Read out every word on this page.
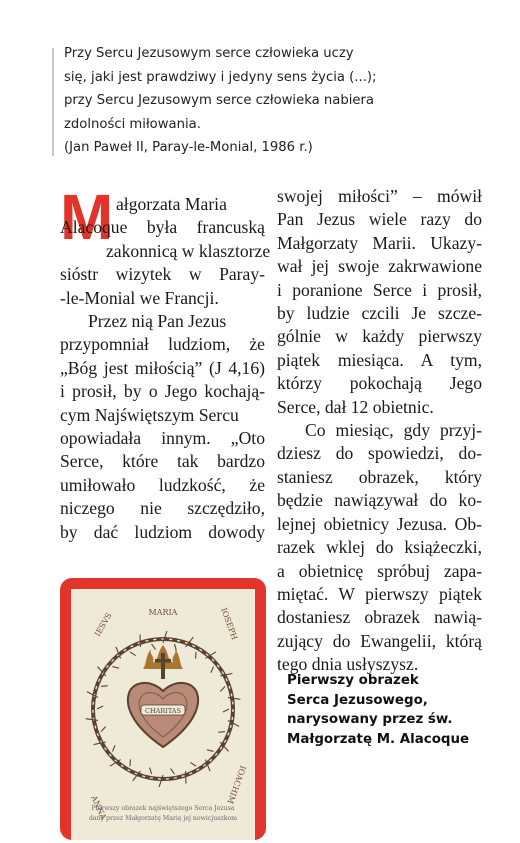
Przy Sercu Jezusowym serce człowieka uczy
się, jaki jest prawdziwy i jedyny sens życia (...);
przy Sercu Jezusowym serce człowieka nabiera
zdolności miłowania.
(Jan Paweł II, Paray-le-Monial, 1986 r.)
M ałgorzata Maria
Alacoque była francuską
zakonnicą w klasztorze
sióstr wizytek w Paray-
-le-Monial we Francji.
Przez nią Pan Jezus
przypomniał ludziom, że
„Bóg jest miłością” (J 4,16)
i prosił, by o Jego kochają-
cym Najświętszym Sercu
opowiadała innym. „Oto
Serce, które tak bardzo
umiłowało ludzkość, że
niczego nie szczędziło,
by dać ludziom dowody
swojej miłości” – mówił
Pan Jezus wiele razy do
Małgorzaty Marii. Ukazy-
wał jej swoje zakrwawione
i poranione Serce i prosił,
by ludzie czcili Je szcze-
gólnie w każdy pierwszy
piątek miesiąca. A tym,
którzy pokochają Jego
Serce, dał 12 obietnic.
Co miesiąc, gdy przyj-
dziesz do spowiedzi, do-
staniesz obrazek, który
będzie nawiązywał do ko-
lejnej obietnicy Jezusa. Ob-
razek wklej do książeczki,
a obietnicę spróbuj zapa-
miętać. W pierwszy piątek
dostaniesz obrazek nawią-
zujący do Ewangelii, którą
tego dnia usłyszysz.
IESVS	MARIA	IOSEPH
ANNA
IOACHIM
CHARITAS
Pierwszy obrazek najświętszego Serca Jezusa
dany przez Małgorzatę Marię jej nowicjuszkom
Pierwszy obrazek
Serca Jezusowego,
narysowany przez św.
Małgorzatę M. Alacoque
